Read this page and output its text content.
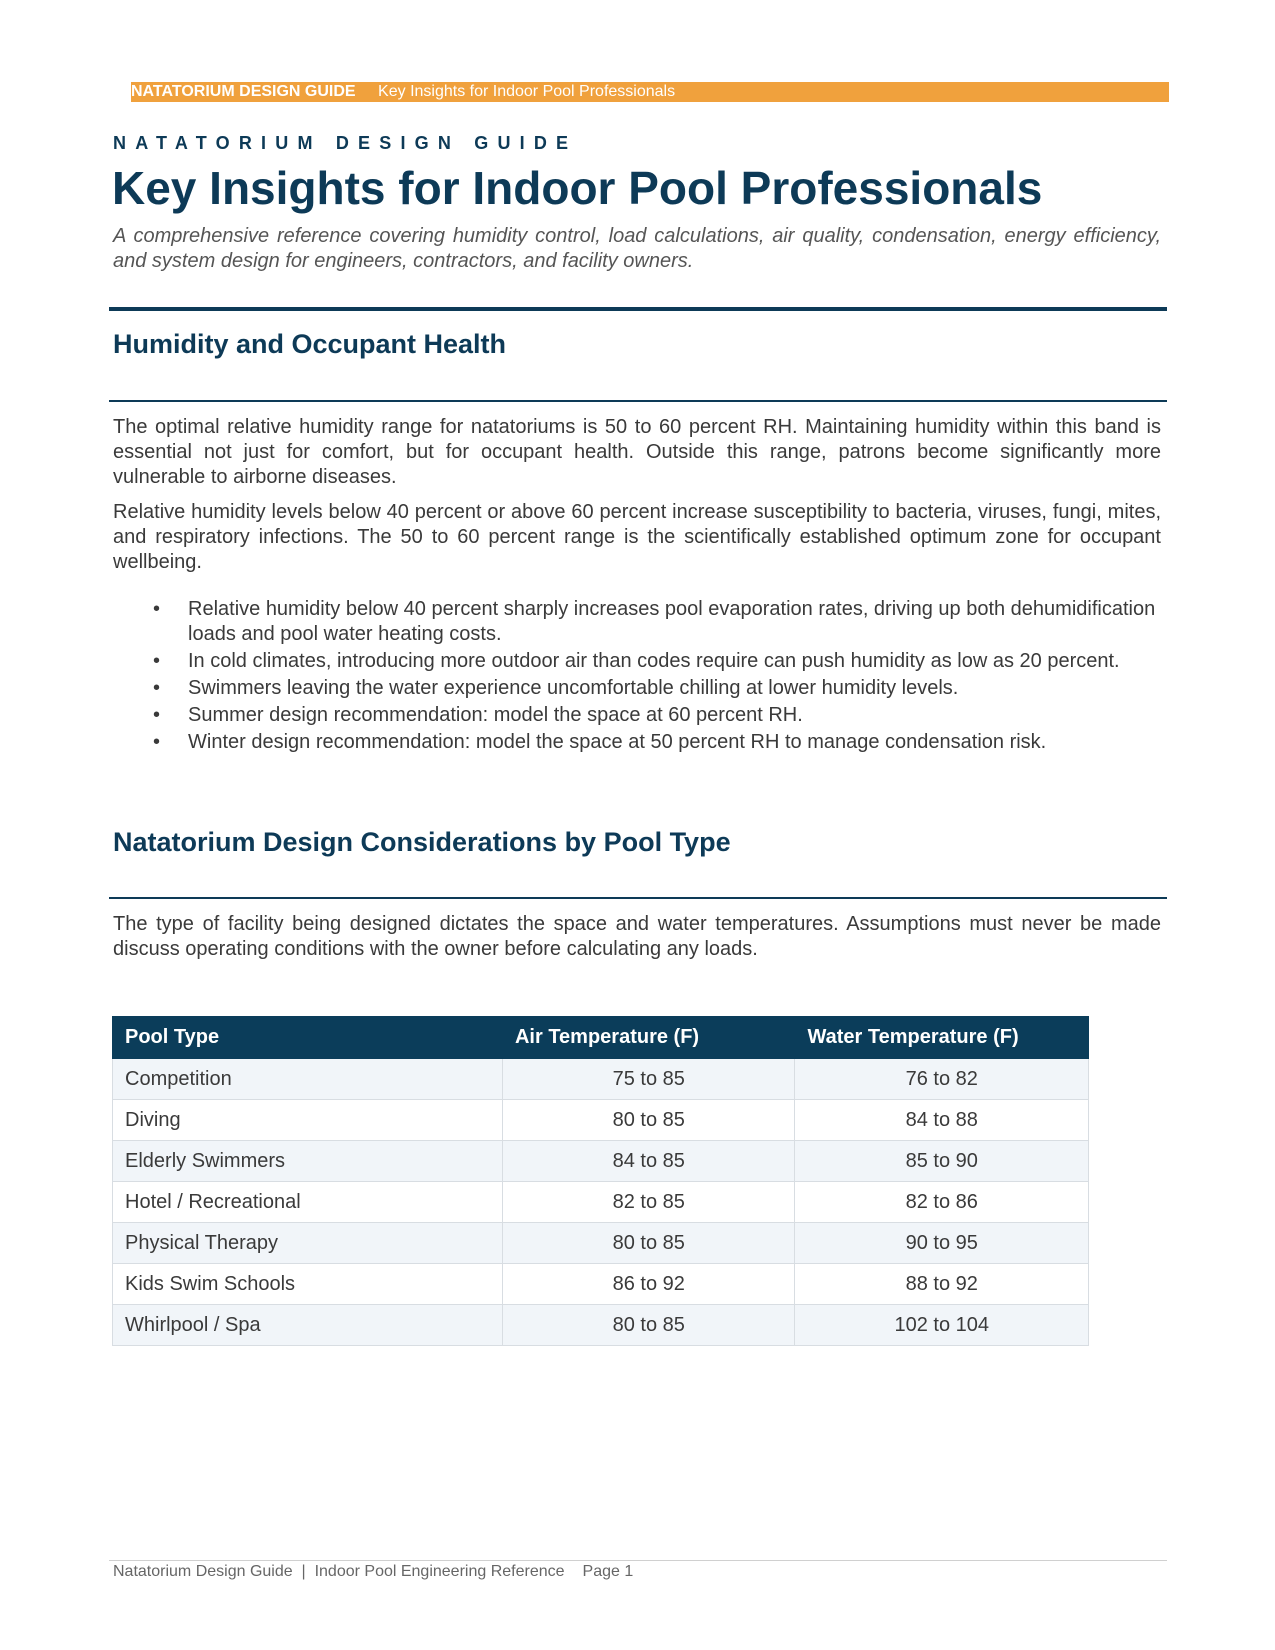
NATATORIUM DESIGN GUIDE Key Insights for Indoor Pool Professionals
NATATORIUM DESIGN GUIDE
Key Insights for Indoor Pool Professionals

A comprehensive reference covering humidity control, load calculations, air quality, condensation, energy efficiency, and system design for engineers, contractors, and facility owners.

Humidity and Occupant Health

The optimal relative humidity range for natatoriums is 50 to 60 percent RH. Maintaining humidity within this band is essential not just for comfort, but for occupant health. Outside this range, patrons become significantly more vulnerable to airborne diseases.

Relative humidity levels below 40 percent or above 60 percent increase susceptibility to bacteria, viruses, fungi, mites, and respiratory infections. The 50 to 60 percent range is the scientifically established optimum zone for occupant wellbeing.

• Relative humidity below 40 percent sharply increases pool evaporation rates, driving up both dehumidification loads and pool water heating costs.
• In cold climates, introducing more outdoor air than codes require can push humidity as low as 20 percent.
• Swimmers leaving the water experience uncomfortable chilling at lower humidity levels.
• Summer design recommendation: model the space at 60 percent RH.
• Winter design recommendation: model the space at 50 percent RH to manage condensation risk.
Natatorium Design Considerations by Pool Type

The type of facility being designed dictates the space and water temperatures. Assumptions must never be made discuss operating conditions with the owner before calculating any loads.

Pool Type	Air Temperature (F)	Water Temperature (F)
Competition	75 to 85	76 to 82
Diving	80 to 85	84 to 88
Elderly Swimmers	84 to 85	85 to 90
Hotel / Recreational	82 to 85	82 to 86
Physical Therapy	80 to 85	90 to 95
Kids Swim Schools	86 to 92	88 to 92
Whirlpool / Spa	80 to 85	102 to 104
Natatorium Design Guide  |  Indoor Pool Engineering Reference Page 1
